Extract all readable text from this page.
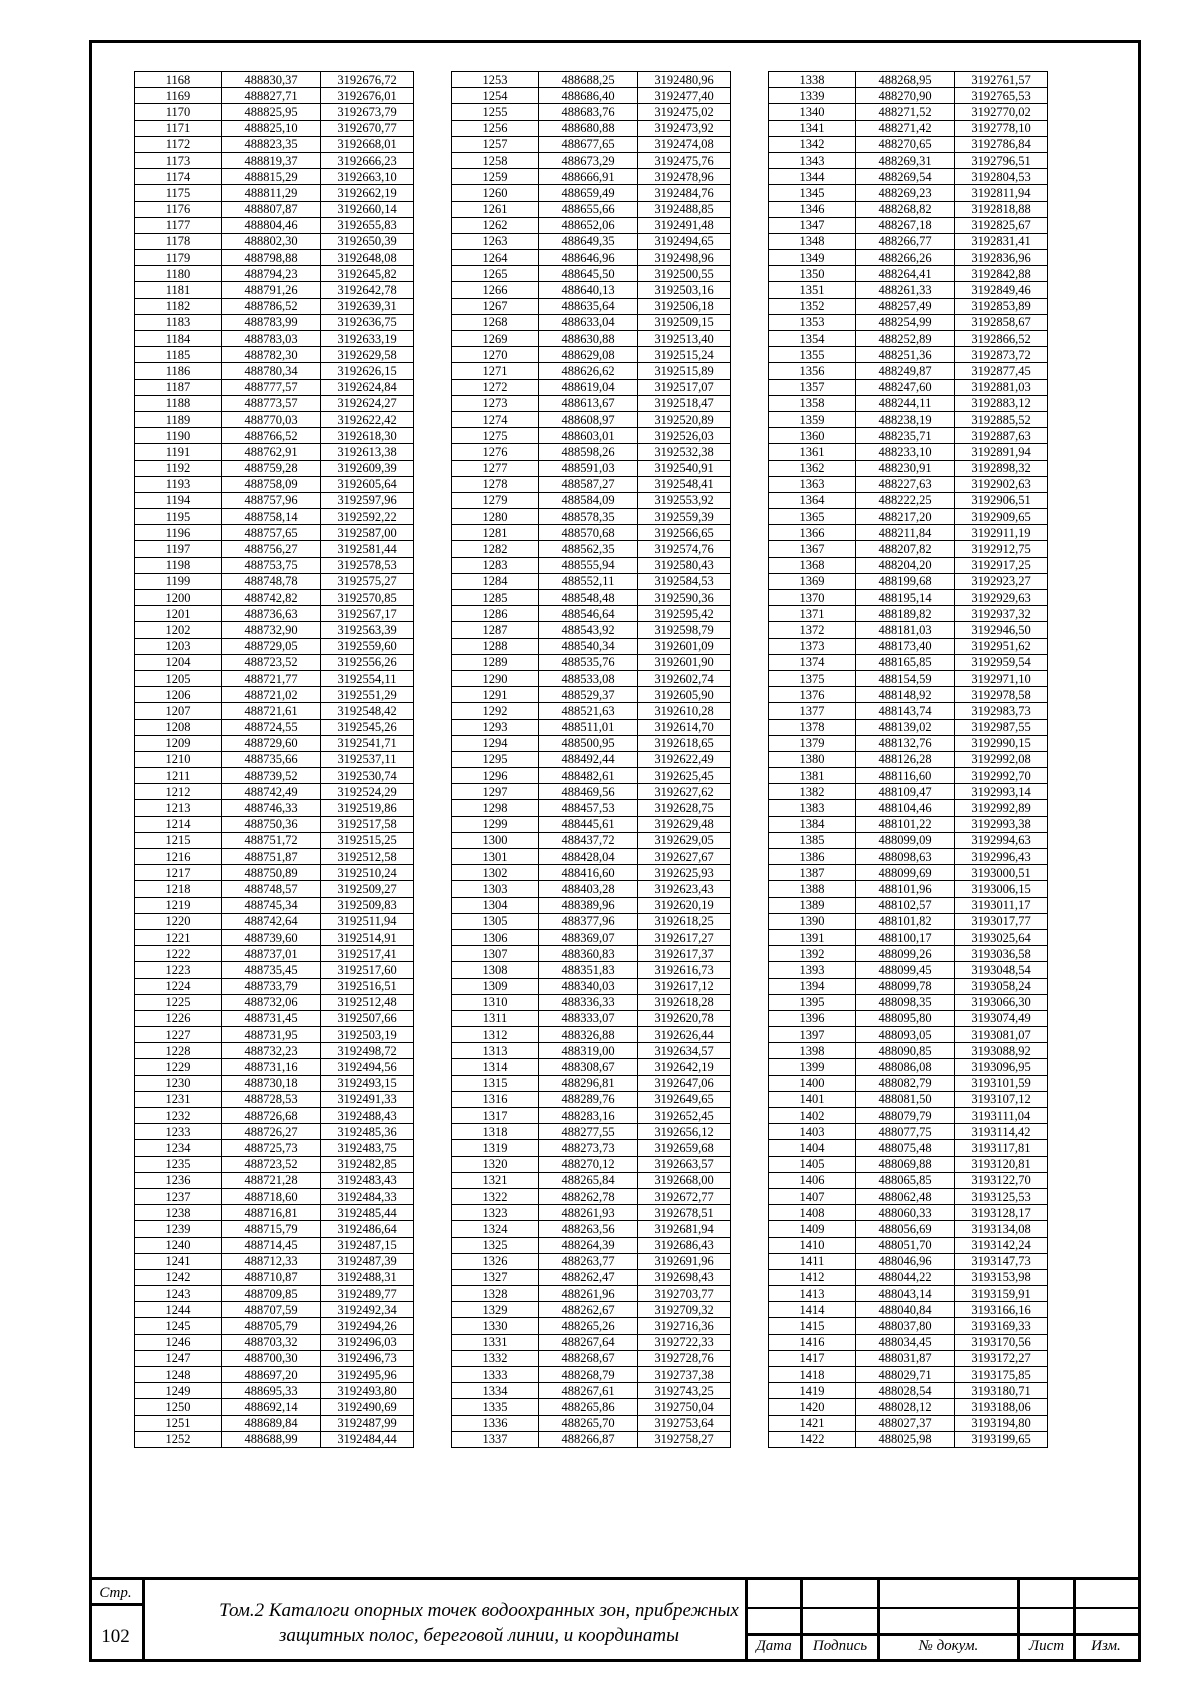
1168	488830,37	3192676,72
1169	488827,71	3192676,01
1170	488825,95	3192673,79
1171	488825,10	3192670,77
1172	488823,35	3192668,01
1173	488819,37	3192666,23
1174	488815,29	3192663,10
1175	488811,29	3192662,19
1176	488807,87	3192660,14
1177	488804,46	3192655,83
1178	488802,30	3192650,39
1179	488798,88	3192648,08
1180	488794,23	3192645,82
1181	488791,26	3192642,78
1182	488786,52	3192639,31
1183	488783,99	3192636,75
1184	488783,03	3192633,19
1185	488782,30	3192629,58
1186	488780,34	3192626,15
1187	488777,57	3192624,84
1188	488773,57	3192624,27
1189	488770,03	3192622,42
1190	488766,52	3192618,30
1191	488762,91	3192613,38
1192	488759,28	3192609,39
1193	488758,09	3192605,64
1194	488757,96	3192597,96
1195	488758,14	3192592,22
1196	488757,65	3192587,00
1197	488756,27	3192581,44
1198	488753,75	3192578,53
1199	488748,78	3192575,27
1200	488742,82	3192570,85
1201	488736,63	3192567,17
1202	488732,90	3192563,39
1203	488729,05	3192559,60
1204	488723,52	3192556,26
1205	488721,77	3192554,11
1206	488721,02	3192551,29
1207	488721,61	3192548,42
1208	488724,55	3192545,26
1209	488729,60	3192541,71
1210	488735,66	3192537,11
1211	488739,52	3192530,74
1212	488742,49	3192524,29
1213	488746,33	3192519,86
1214	488750,36	3192517,58
1215	488751,72	3192515,25
1216	488751,87	3192512,58
1217	488750,89	3192510,24
1218	488748,57	3192509,27
1219	488745,34	3192509,83
1220	488742,64	3192511,94
1221	488739,60	3192514,91
1222	488737,01	3192517,41
1223	488735,45	3192517,60
1224	488733,79	3192516,51
1225	488732,06	3192512,48
1226	488731,45	3192507,66
1227	488731,95	3192503,19
1228	488732,23	3192498,72
1229	488731,16	3192494,56
1230	488730,18	3192493,15
1231	488728,53	3192491,33
1232	488726,68	3192488,43
1233	488726,27	3192485,36
1234	488725,73	3192483,75
1235	488723,52	3192482,85
1236	488721,28	3192483,43
1237	488718,60	3192484,33
1238	488716,81	3192485,44
1239	488715,79	3192486,64
1240	488714,45	3192487,15
1241	488712,33	3192487,39
1242	488710,87	3192488,31
1243	488709,85	3192489,77
1244	488707,59	3192492,34
1245	488705,79	3192494,26
1246	488703,32	3192496,03
1247	488700,30	3192496,73
1248	488697,20	3192495,96
1249	488695,33	3192493,80
1250	488692,14	3192490,69
1251	488689,84	3192487,99
1252	488688,99	3192484,44
1253	488688,25	3192480,96
1254	488686,40	3192477,40
1255	488683,76	3192475,02
1256	488680,88	3192473,92
1257	488677,65	3192474,08
1258	488673,29	3192475,76
1259	488666,91	3192478,96
1260	488659,49	3192484,76
1261	488655,66	3192488,85
1262	488652,06	3192491,48
1263	488649,35	3192494,65
1264	488646,96	3192498,96
1265	488645,50	3192500,55
1266	488640,13	3192503,16
1267	488635,64	3192506,18
1268	488633,04	3192509,15
1269	488630,88	3192513,40
1270	488629,08	3192515,24
1271	488626,62	3192515,89
1272	488619,04	3192517,07
1273	488613,67	3192518,47
1274	488608,97	3192520,89
1275	488603,01	3192526,03
1276	488598,26	3192532,38
1277	488591,03	3192540,91
1278	488587,27	3192548,41
1279	488584,09	3192553,92
1280	488578,35	3192559,39
1281	488570,68	3192566,65
1282	488562,35	3192574,76
1283	488555,94	3192580,43
1284	488552,11	3192584,53
1285	488548,48	3192590,36
1286	488546,64	3192595,42
1287	488543,92	3192598,79
1288	488540,34	3192601,09
1289	488535,76	3192601,90
1290	488533,08	3192602,74
1291	488529,37	3192605,90
1292	488521,63	3192610,28
1293	488511,01	3192614,70
1294	488500,95	3192618,65
1295	488492,44	3192622,49
1296	488482,61	3192625,45
1297	488469,56	3192627,62
1298	488457,53	3192628,75
1299	488445,61	3192629,48
1300	488437,72	3192629,05
1301	488428,04	3192627,67
1302	488416,60	3192625,93
1303	488403,28	3192623,43
1304	488389,96	3192620,19
1305	488377,96	3192618,25
1306	488369,07	3192617,27
1307	488360,83	3192617,37
1308	488351,83	3192616,73
1309	488340,03	3192617,12
1310	488336,33	3192618,28
1311	488333,07	3192620,78
1312	488326,88	3192626,44
1313	488319,00	3192634,57
1314	488308,67	3192642,19
1315	488296,81	3192647,06
1316	488289,76	3192649,65
1317	488283,16	3192652,45
1318	488277,55	3192656,12
1319	488273,73	3192659,68
1320	488270,12	3192663,57
1321	488265,84	3192668,00
1322	488262,78	3192672,77
1323	488261,93	3192678,51
1324	488263,56	3192681,94
1325	488264,39	3192686,43
1326	488263,77	3192691,96
1327	488262,47	3192698,43
1328	488261,96	3192703,77
1329	488262,67	3192709,32
1330	488265,26	3192716,36
1331	488267,64	3192722,33
1332	488268,67	3192728,76
1333	488268,79	3192737,38
1334	488267,61	3192743,25
1335	488265,86	3192750,04
1336	488265,70	3192753,64
1337	488266,87	3192758,27
1338	488268,95	3192761,57
1339	488270,90	3192765,53
1340	488271,52	3192770,02
1341	488271,42	3192778,10
1342	488270,65	3192786,84
1343	488269,31	3192796,51
1344	488269,54	3192804,53
1345	488269,23	3192811,94
1346	488268,82	3192818,88
1347	488267,18	3192825,67
1348	488266,77	3192831,41
1349	488266,26	3192836,96
1350	488264,41	3192842,88
1351	488261,33	3192849,46
1352	488257,49	3192853,89
1353	488254,99	3192858,67
1354	488252,89	3192866,52
1355	488251,36	3192873,72
1356	488249,87	3192877,45
1357	488247,60	3192881,03
1358	488244,11	3192883,12
1359	488238,19	3192885,52
1360	488235,71	3192887,63
1361	488233,10	3192891,94
1362	488230,91	3192898,32
1363	488227,63	3192902,63
1364	488222,25	3192906,51
1365	488217,20	3192909,65
1366	488211,84	3192911,19
1367	488207,82	3192912,75
1368	488204,20	3192917,25
1369	488199,68	3192923,27
1370	488195,14	3192929,63
1371	488189,82	3192937,32
1372	488181,03	3192946,50
1373	488173,40	3192951,62
1374	488165,85	3192959,54
1375	488154,59	3192971,10
1376	488148,92	3192978,58
1377	488143,74	3192983,73
1378	488139,02	3192987,55
1379	488132,76	3192990,15
1380	488126,28	3192992,08
1381	488116,60	3192992,70
1382	488109,47	3192993,14
1383	488104,46	3192992,89
1384	488101,22	3192993,38
1385	488099,09	3192994,63
1386	488098,63	3192996,43
1387	488099,69	3193000,51
1388	488101,96	3193006,15
1389	488102,57	3193011,17
1390	488101,82	3193017,77
1391	488100,17	3193025,64
1392	488099,26	3193036,58
1393	488099,45	3193048,54
1394	488099,78	3193058,24
1395	488098,35	3193066,30
1396	488095,80	3193074,49
1397	488093,05	3193081,07
1398	488090,85	3193088,92
1399	488086,08	3193096,95
1400	488082,79	3193101,59
1401	488081,50	3193107,12
1402	488079,79	3193111,04
1403	488077,75	3193114,42
1404	488075,48	3193117,81
1405	488069,88	3193120,81
1406	488065,85	3193122,70
1407	488062,48	3193125,53
1408	488060,33	3193128,17
1409	488056,69	3193134,08
1410	488051,70	3193142,24
1411	488046,96	3193147,73
1412	488044,22	3193153,98
1413	488043,14	3193159,91
1414	488040,84	3193166,16
1415	488037,80	3193169,33
1416	488034,45	3193170,56
1417	488031,87	3193172,27
1418	488029,71	3193175,85
1419	488028,54	3193180,71
1420	488028,12	3193188,06
1421	488027,37	3193194,80
1422	488025,98	3193199,65
Стр.
102
Том.2 Каталоги опорных точек водоохранных зон, прибрежных
защитных полос, береговой линии, и координаты	Дата	Подпись	№ докум.	Лист	Изм.
